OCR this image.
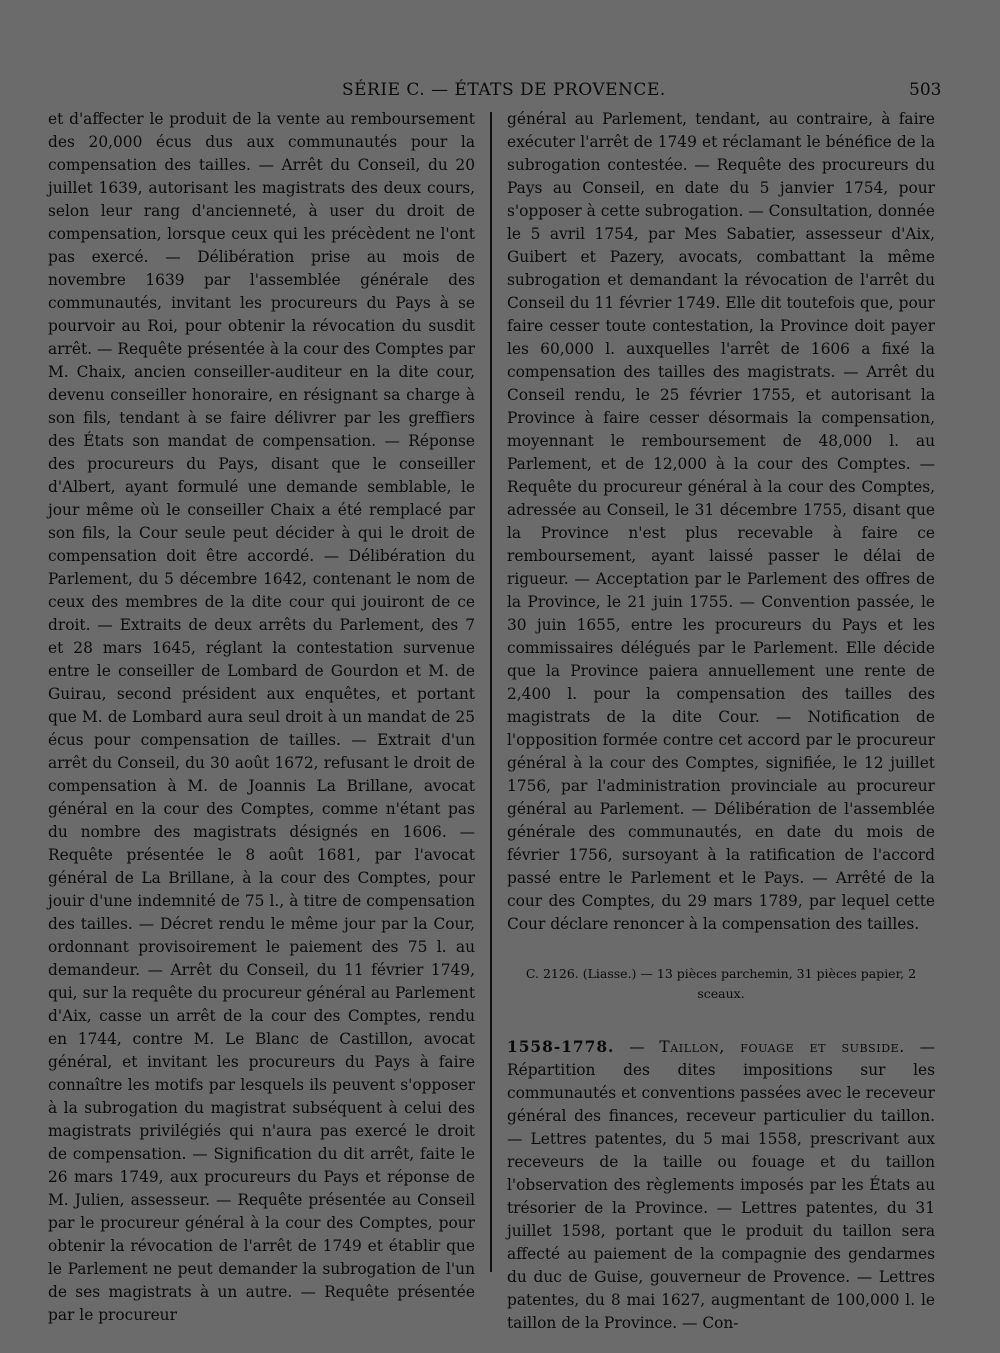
SÉRIE C. — ÉTATS DE PROVENCE.	503

et d'affecter le produit de la vente au remboursement des 20,000 écus dus aux communautés pour la compensation des tailles. — Arrêt du Conseil, du 20 juillet 1639, autorisant les magistrats des deux cours, selon leur rang d'ancienneté, à user du droit de compensation, lorsque ceux qui les précèdent ne l'ont pas exercé. — Délibération prise au mois de novembre 1639 par l'assemblée générale des communautés, invitant les procureurs du Pays à se pourvoir au Roi, pour obtenir la révocation du susdit arrêt. — Requête présentée à la cour des Comptes par M. Chaix, ancien conseiller-auditeur en la dite cour, devenu conseiller honoraire, en résignant sa charge à son fils, tendant à se faire délivrer par les greffiers des États son mandat de compensation. — Réponse des procureurs du Pays, disant que le conseiller d'Albert, ayant formulé une demande semblable, le jour même où le conseiller Chaix a été remplacé par son fils, la Cour seule peut décider à qui le droit de compensation doit être accordé. — Délibération du Parlement, du 5 décembre 1642, contenant le nom de ceux des membres de la dite cour qui jouiront de ce droit. — Extraits de deux arrêts du Parlement, des 7 et 28 mars 1645, réglant la contestation survenue entre le conseiller de Lombard de Gourdon et M. de Guirau, second président aux enquêtes, et portant que M. de Lombard aura seul droit à un mandat de 25 écus pour compensation de tailles. — Extrait d'un arrêt du Conseil, du 30 août 1672, refusant le droit de compensation à M. de Joannis La Brillane, avocat général en la cour des Comptes, comme n'étant pas du nombre des magistrats désignés en 1606. — Requête présentée le 8 août 1681, par l'avocat général de La Brillane, à la cour des Comptes, pour jouir d'une indemnité de 75 l., à titre de compensation des tailles. — Décret rendu le même jour par la Cour, ordonnant provisoirement le paiement des 75 l. au demandeur. — Arrêt du Conseil, du 11 février 1749, qui, sur la requête du procureur général au Parlement d'Aix, casse un arrêt de la cour des Comptes, rendu en 1744, contre M. Le Blanc de Castillon, avocat général, et invitant les procureurs du Pays à faire connaître les motifs par lesquels ils peuvent s'opposer à la subrogation du magistrat subséquent à celui des magistrats privilégiés qui n'aura pas exercé le droit de compensation. — Signification du dit arrêt, faite le 26 mars 1749, aux procureurs du Pays et réponse de M. Julien, assesseur. — Requête présentée au Conseil par le procureur général à la cour des Comptes, pour obtenir la révocation de l'arrêt de 1749 et établir que le Parlement ne peut demander la subrogation de l'un de ses magistrats à un autre. — Requête présentée par le procureur

général au Parlement, tendant, au contraire, à faire exécuter l'arrêt de 1749 et réclamant le bénéfice de la subrogation contestée. — Requête des procureurs du Pays au Conseil, en date du 5 janvier 1754, pour s'opposer à cette subrogation. — Consultation, donnée le 5 avril 1754, par Mes Sabatier, assesseur d'Aix, Guibert et Pazery, avocats, combattant la même subrogation et demandant la révocation de l'arrêt du Conseil du 11 février 1749. Elle dit toutefois que, pour faire cesser toute contestation, la Province doit payer les 60,000 l. auxquelles l'arrêt de 1606 a fixé la compensation des tailles des magistrats. — Arrêt du Conseil rendu, le 25 février 1755, et autorisant la Province à faire cesser désormais la compensation, moyennant le remboursement de 48,000 l. au Parlement, et de 12,000 à la cour des Comptes. — Requête du procureur général à la cour des Comptes, adressée au Conseil, le 31 décembre 1755, disant que la Province n'est plus recevable à faire ce remboursement, ayant laissé passer le délai de rigueur. — Acceptation par le Parlement des offres de la Province, le 21 juin 1755. — Convention passée, le 30 juin 1655, entre les procureurs du Pays et les commissaires délégués par le Parlement. Elle décide que la Province paiera annuellement une rente de 2,400 l. pour la compensation des tailles des magistrats de la dite Cour. — Notification de l'opposition formée contre cet accord par le procureur général à la cour des Comptes, signifiée, le 12 juillet 1756, par l'administration provinciale au procureur général au Parlement. — Délibération de l'assemblée générale des communautés, en date du mois de février 1756, sursoyant à la ratification de l'accord passé entre le Parlement et le Pays. — Arrêté de la cour des Comptes, du 29 mars 1789, par lequel cette Cour déclare renoncer à la compensation des tailles.

C. 2126. (Liasse.) — 13 pièces parchemin, 31 pièces papier, 2 sceaux.

1558-1778. — Taillon, fouage et subside. — Répartition des dites impositions sur les communautés et conventions passées avec le receveur général des finances, receveur particulier du taillon. — Lettres patentes, du 5 mai 1558, prescrivant aux receveurs de la taille ou fouage et du taillon l'observation des règlements imposés par les États au trésorier de la Province. — Lettres patentes, du 31 juillet 1598, portant que le produit du taillon sera affecté au paiement de la compagnie des gendarmes du duc de Guise, gouverneur de Provence. — Lettres patentes, du 8 mai 1627, augmentant de 100,000 l. le taillon de la Province. — Con-
